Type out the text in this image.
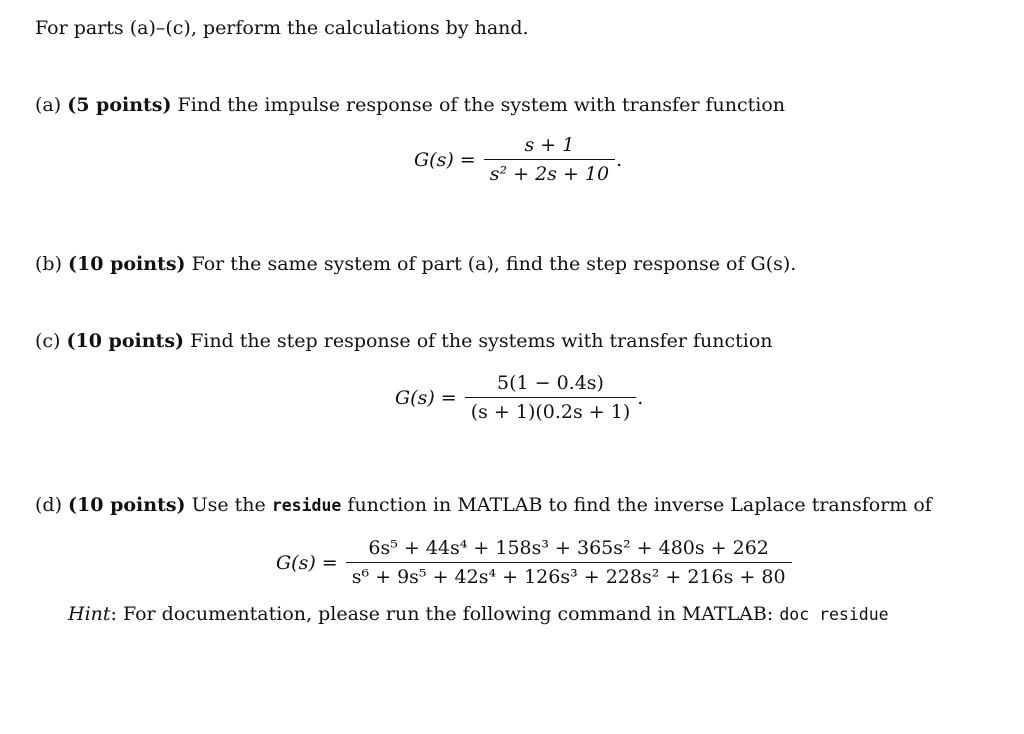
For parts (a)–(c), perform the calculations by hand.
(a) (5 points) Find the impulse response of the system with transfer function
$G(s) = \frac{s + 1}{\text{s² + 2s + 10}}$ .
(b) (10 points) For the same system of part (a), find the step response of G(s).
(c) (10 points) Find the step response of the systems with transfer function
$G(s) = \frac{5(1 - 0.4s)}{(s + 1)(0.2s + 1)}$ .
(d) (10 points) Use the residue function in MATLAB to find the inverse Laplace transform of
$G(s) = \frac{\text{6s⁵ + 44s⁴ + 158s³ + 365s² + 480s + 262}}{\text{s⁶ + 9s⁵ + 42s⁴ + 126s³ + 228s² + 216s + 80}}$
Hint: For documentation, please run the following command in MATLAB: doc residue
